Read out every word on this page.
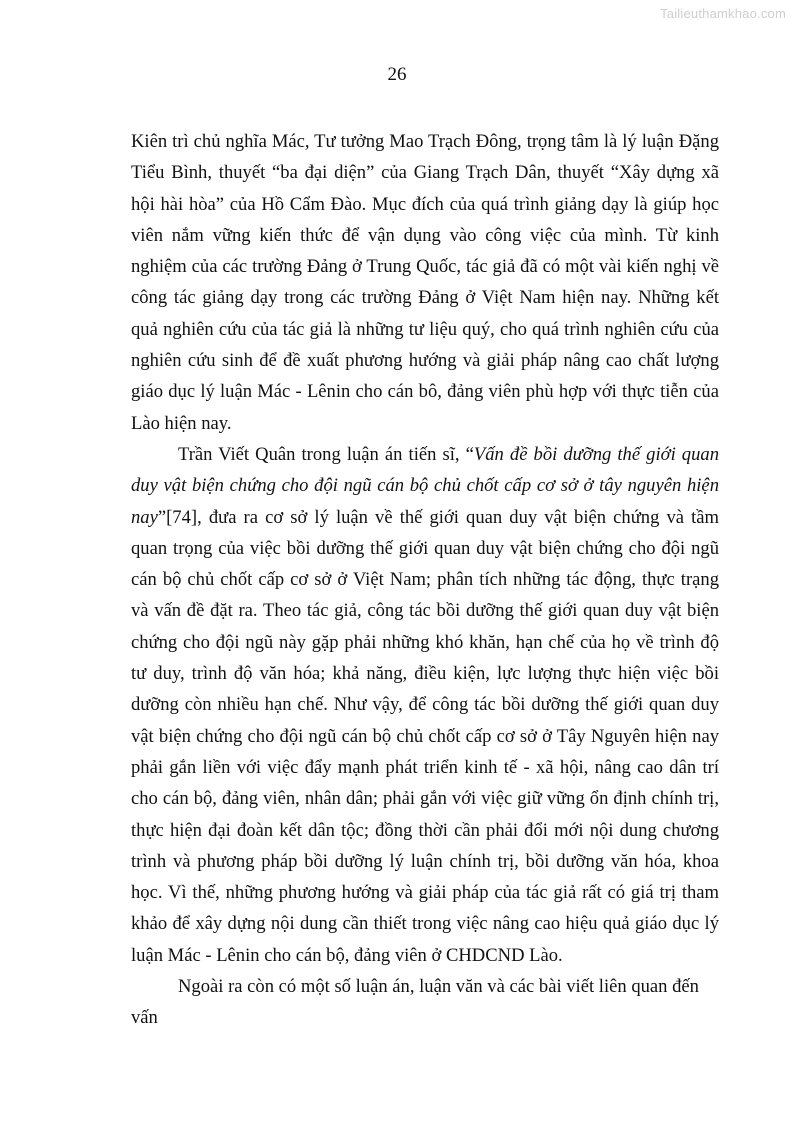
Tailieuthamkhao.com
26

Kiên trì chủ nghĩa Mác, Tư tưởng Mao Trạch Đông, trọng tâm là lý luận Đặng Tiểu Bình, thuyết “ba đại diện” của Giang Trạch Dân, thuyết “Xây dựng xã hội hài hòa” của Hồ Cẩm Đào. Mục đích của quá trình giảng dạy là giúp học viên nắm vững kiến thức để vận dụng vào công việc của mình. Từ kinh nghiệm của các trường Đảng ở Trung Quốc, tác giả đã có một vài kiến nghị về công tác giảng dạy trong các trường Đảng ở Việt Nam hiện nay. Những kết quả nghiên cứu của tác giả là những tư liệu quý, cho quá trình nghiên cứu của nghiên cứu sinh để đề xuất phương hướng và giải pháp nâng cao chất lượng giáo dục lý luận Mác - Lênin cho cán bô, đảng viên phù hợp với thực tiễn của Lào hiện nay.

Trần Viết Quân trong luận án tiến sĩ, “Vấn đề bồi dưỡng thế giới quan duy vật biện chứng cho đội ngũ cán bộ chủ chốt cấp cơ sở ở tây nguyên hiện nay”[74], đưa ra cơ sở lý luận về thế giới quan duy vật biện chứng và tầm quan trọng của việc bồi dưỡng thế giới quan duy vật biện chứng cho đội ngũ cán bộ chủ chốt cấp cơ sở ở Việt Nam; phân tích những tác động, thực trạng và vấn đề đặt ra. Theo tác giả, công tác bồi dưỡng thế giới quan duy vật biện chứng cho đội ngũ này gặp phải những khó khăn, hạn chế của họ về trình độ tư duy, trình độ văn hóa; khả năng, điều kiện, lực lượng thực hiện việc bồi dưỡng còn nhiều hạn chế. Như vậy, để công tác bồi dưỡng thế giới quan duy vật biện chứng cho đội ngũ cán bộ chủ chốt cấp cơ sở ở Tây Nguyên hiện nay phải gắn liền với việc đẩy mạnh phát triển kinh tế - xã hội, nâng cao dân trí cho cán bộ, đảng viên, nhân dân; phải gắn với việc giữ vững ổn định chính trị, thực hiện đại đoàn kết dân tộc; đồng thời cần phải đổi mới nội dung chương trình và phương pháp bồi dưỡng lý luận chính trị, bồi dưỡng văn hóa, khoa học. Vì thế, những phương hướng và giải pháp của tác giả rất có giá trị tham khảo để xây dựng nội dung cần thiết trong việc nâng cao hiệu quả giáo dục lý luận Mác - Lênin cho cán bộ, đảng viên ở CHDCND Lào.

Ngoài ra còn có một số luận án, luận văn và các bài viết liên quan đến vấn
